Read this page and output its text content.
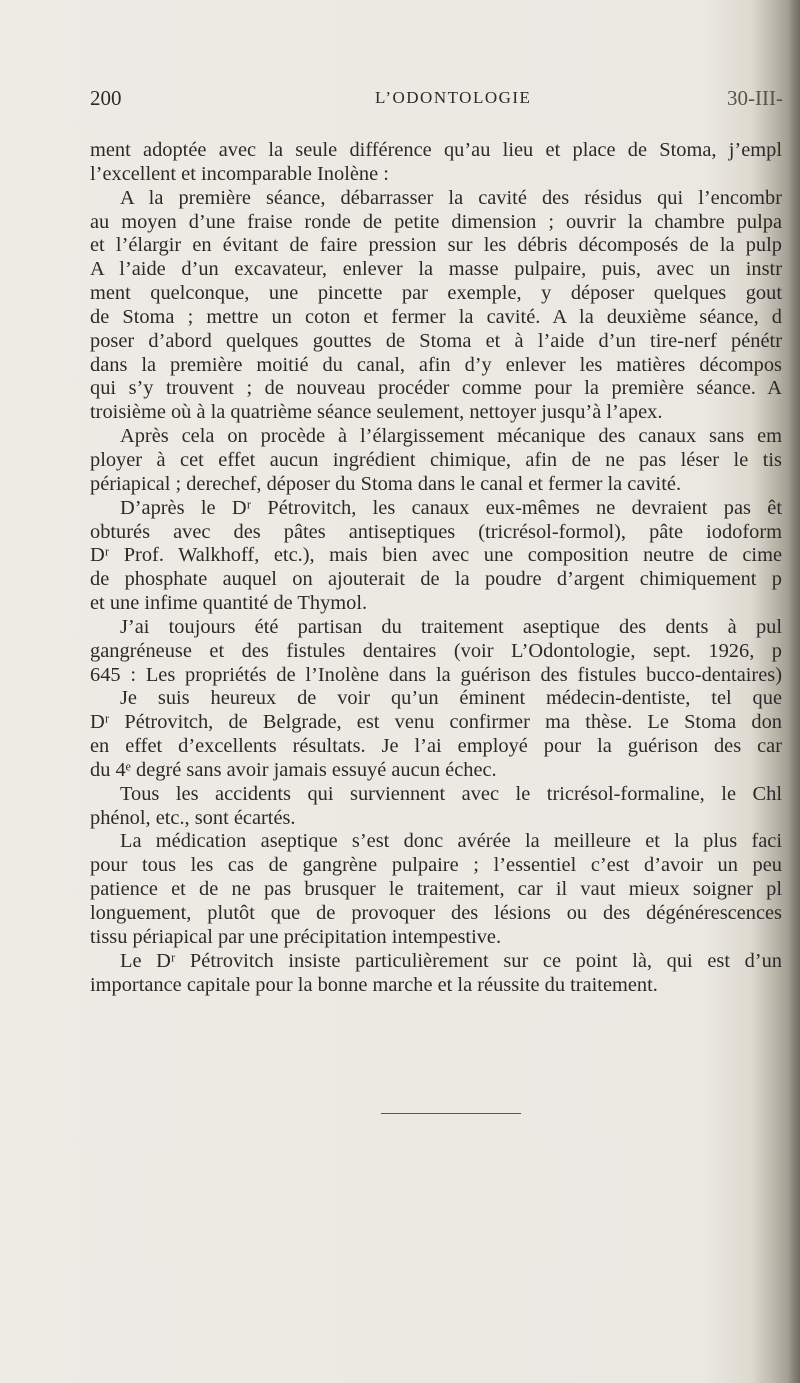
200	L’ODONTOLOGIE	30-III-
ment adoptée avec la seule différence qu’au lieu et place de Stoma, j’empl
l’excellent et incomparable Inolène :
A la première séance, débarrasser la cavité des résidus qui l’encombr
au moyen d’une fraise ronde de petite dimension ; ouvrir la chambre pulpa
et l’élargir en évitant de faire pression sur les débris décomposés de la pulp
A l’aide d’un excavateur, enlever la masse pulpaire, puis, avec un instr
ment quelconque, une pincette par exemple, y déposer quelques gout
de Stoma ; mettre un coton et fermer la cavité. A la deuxième séance, d
poser d’abord quelques gouttes de Stoma et à l’aide d’un tire-nerf pénétr
dans la première moitié du canal, afin d’y enlever les matières décompos
qui s’y trouvent ; de nouveau procéder comme pour la première séance. A
troisième où à la quatrième séance seulement, nettoyer jusqu’à l’apex.
Après cela on procède à l’élargissement mécanique des canaux sans em
ployer à cet effet aucun ingrédient chimique, afin de ne pas léser le tis
périapical ; derechef, déposer du Stoma dans le canal et fermer la cavité.
D’après le Dʳ Pétrovitch, les canaux eux-mêmes ne devraient pas êt
obturés avec des pâtes antiseptiques (tricrésol-formol), pâte iodoform
Dʳ Prof. Walkhoff, etc.), mais bien avec une composition neutre de cime
de phosphate auquel on ajouterait de la poudre d’argent chimiquement p
et une infime quantité de Thymol.
J’ai toujours été partisan du traitement aseptique des dents à pul
gangréneuse et des fistules dentaires (voir L’Odontologie, sept. 1926, p
645 : Les propriétés de l’Inolène dans la guérison des fistules bucco-dentaires)
Je suis heureux de voir qu’un éminent médecin-dentiste, tel que
Dʳ Pétrovitch, de Belgrade, est venu confirmer ma thèse. Le Stoma don
en effet d’excellents résultats. Je l’ai employé pour la guérison des car
du 4ᵉ degré sans avoir jamais essuyé aucun échec.
Tous les accidents qui surviennent avec le tricrésol-formaline, le Chl
phénol, etc., sont écartés.
La médication aseptique s’est donc avérée la meilleure et la plus faci
pour tous les cas de gangrène pulpaire ; l’essentiel c’est d’avoir un peu
patience et de ne pas brusquer le traitement, car il vaut mieux soigner pl
longuement, plutôt que de provoquer des lésions ou des dégénérescences
tissu périapical par une précipitation intempestive.
Le Dʳ Pétrovitch insiste particulièrement sur ce point là, qui est d’un
importance capitale pour la bonne marche et la réussite du traitement.
